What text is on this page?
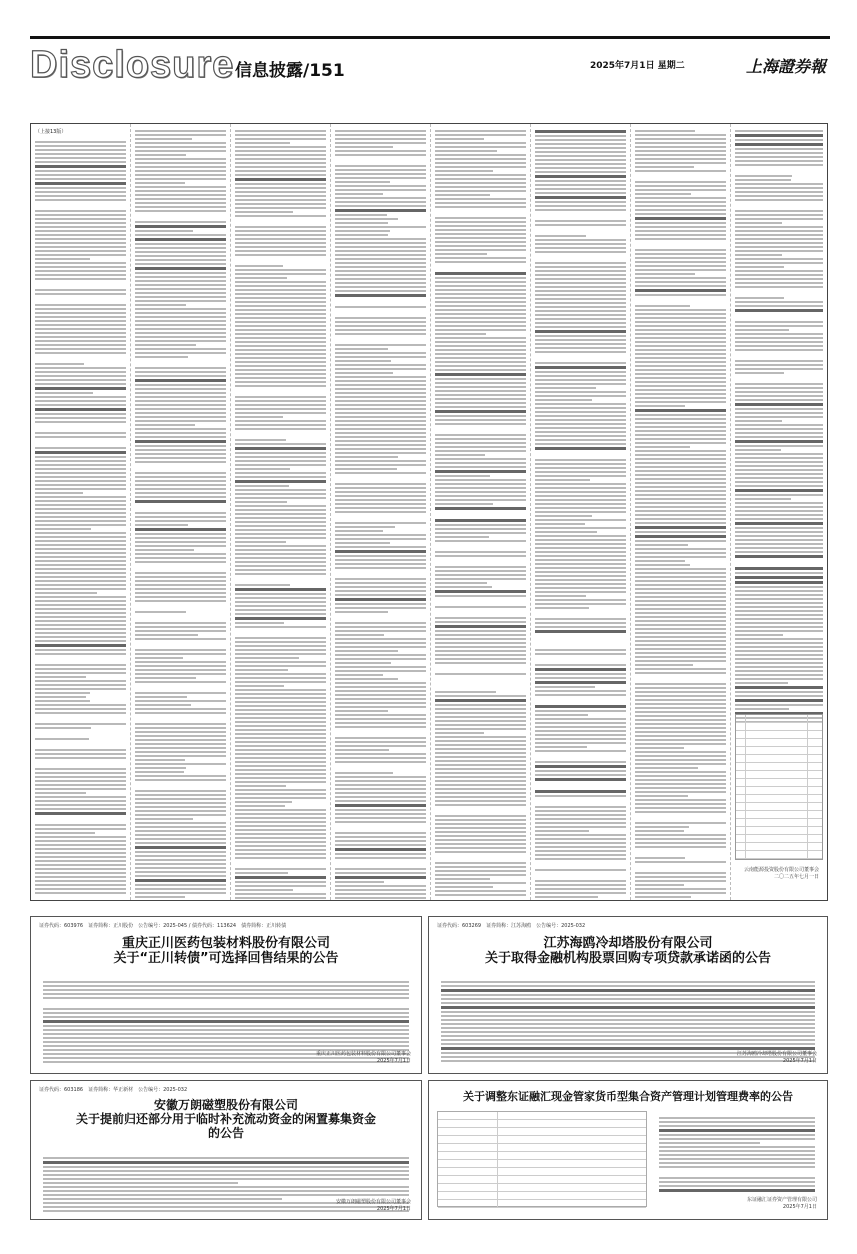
Disclosure 信息披露/151	2025年7月1日 星期二	上海證券報
（上接13版）
云南能源投资股份有限公司董事会
二〇二五年七月一日
证券代码：603976　证券简称：正川股份　公告编号：2025-045 / 债券代码：113624　债券简称：正川转债
重庆正川医药包装材料股份有限公司
关于“正川转债”可选择回售结果的公告
重庆正川医药包装材料股份有限公司董事会
2025年7月1日
证券代码：603269　证券简称：江苏海鸥　公告编号：2025-032
江苏海鸥冷却塔股份有限公司
关于取得金融机构股票回购专项贷款承诺函的公告
江苏海鸥冷却塔股份有限公司董事会
2025年7月1日
证券代码：603186　证券简称：华正新材　公告编号：2025-032
安徽万朗磁塑股份有限公司
关于提前归还部分用于临时补充流动资金的闲置募集资金
的公告
安徽万朗磁塑股份有限公司董事会
2025年7月1日
关于调整东证融汇现金管家货币型集合资产管理计划管理费率的公告
东证融汇证券资产管理有限公司
2025年7月1日
